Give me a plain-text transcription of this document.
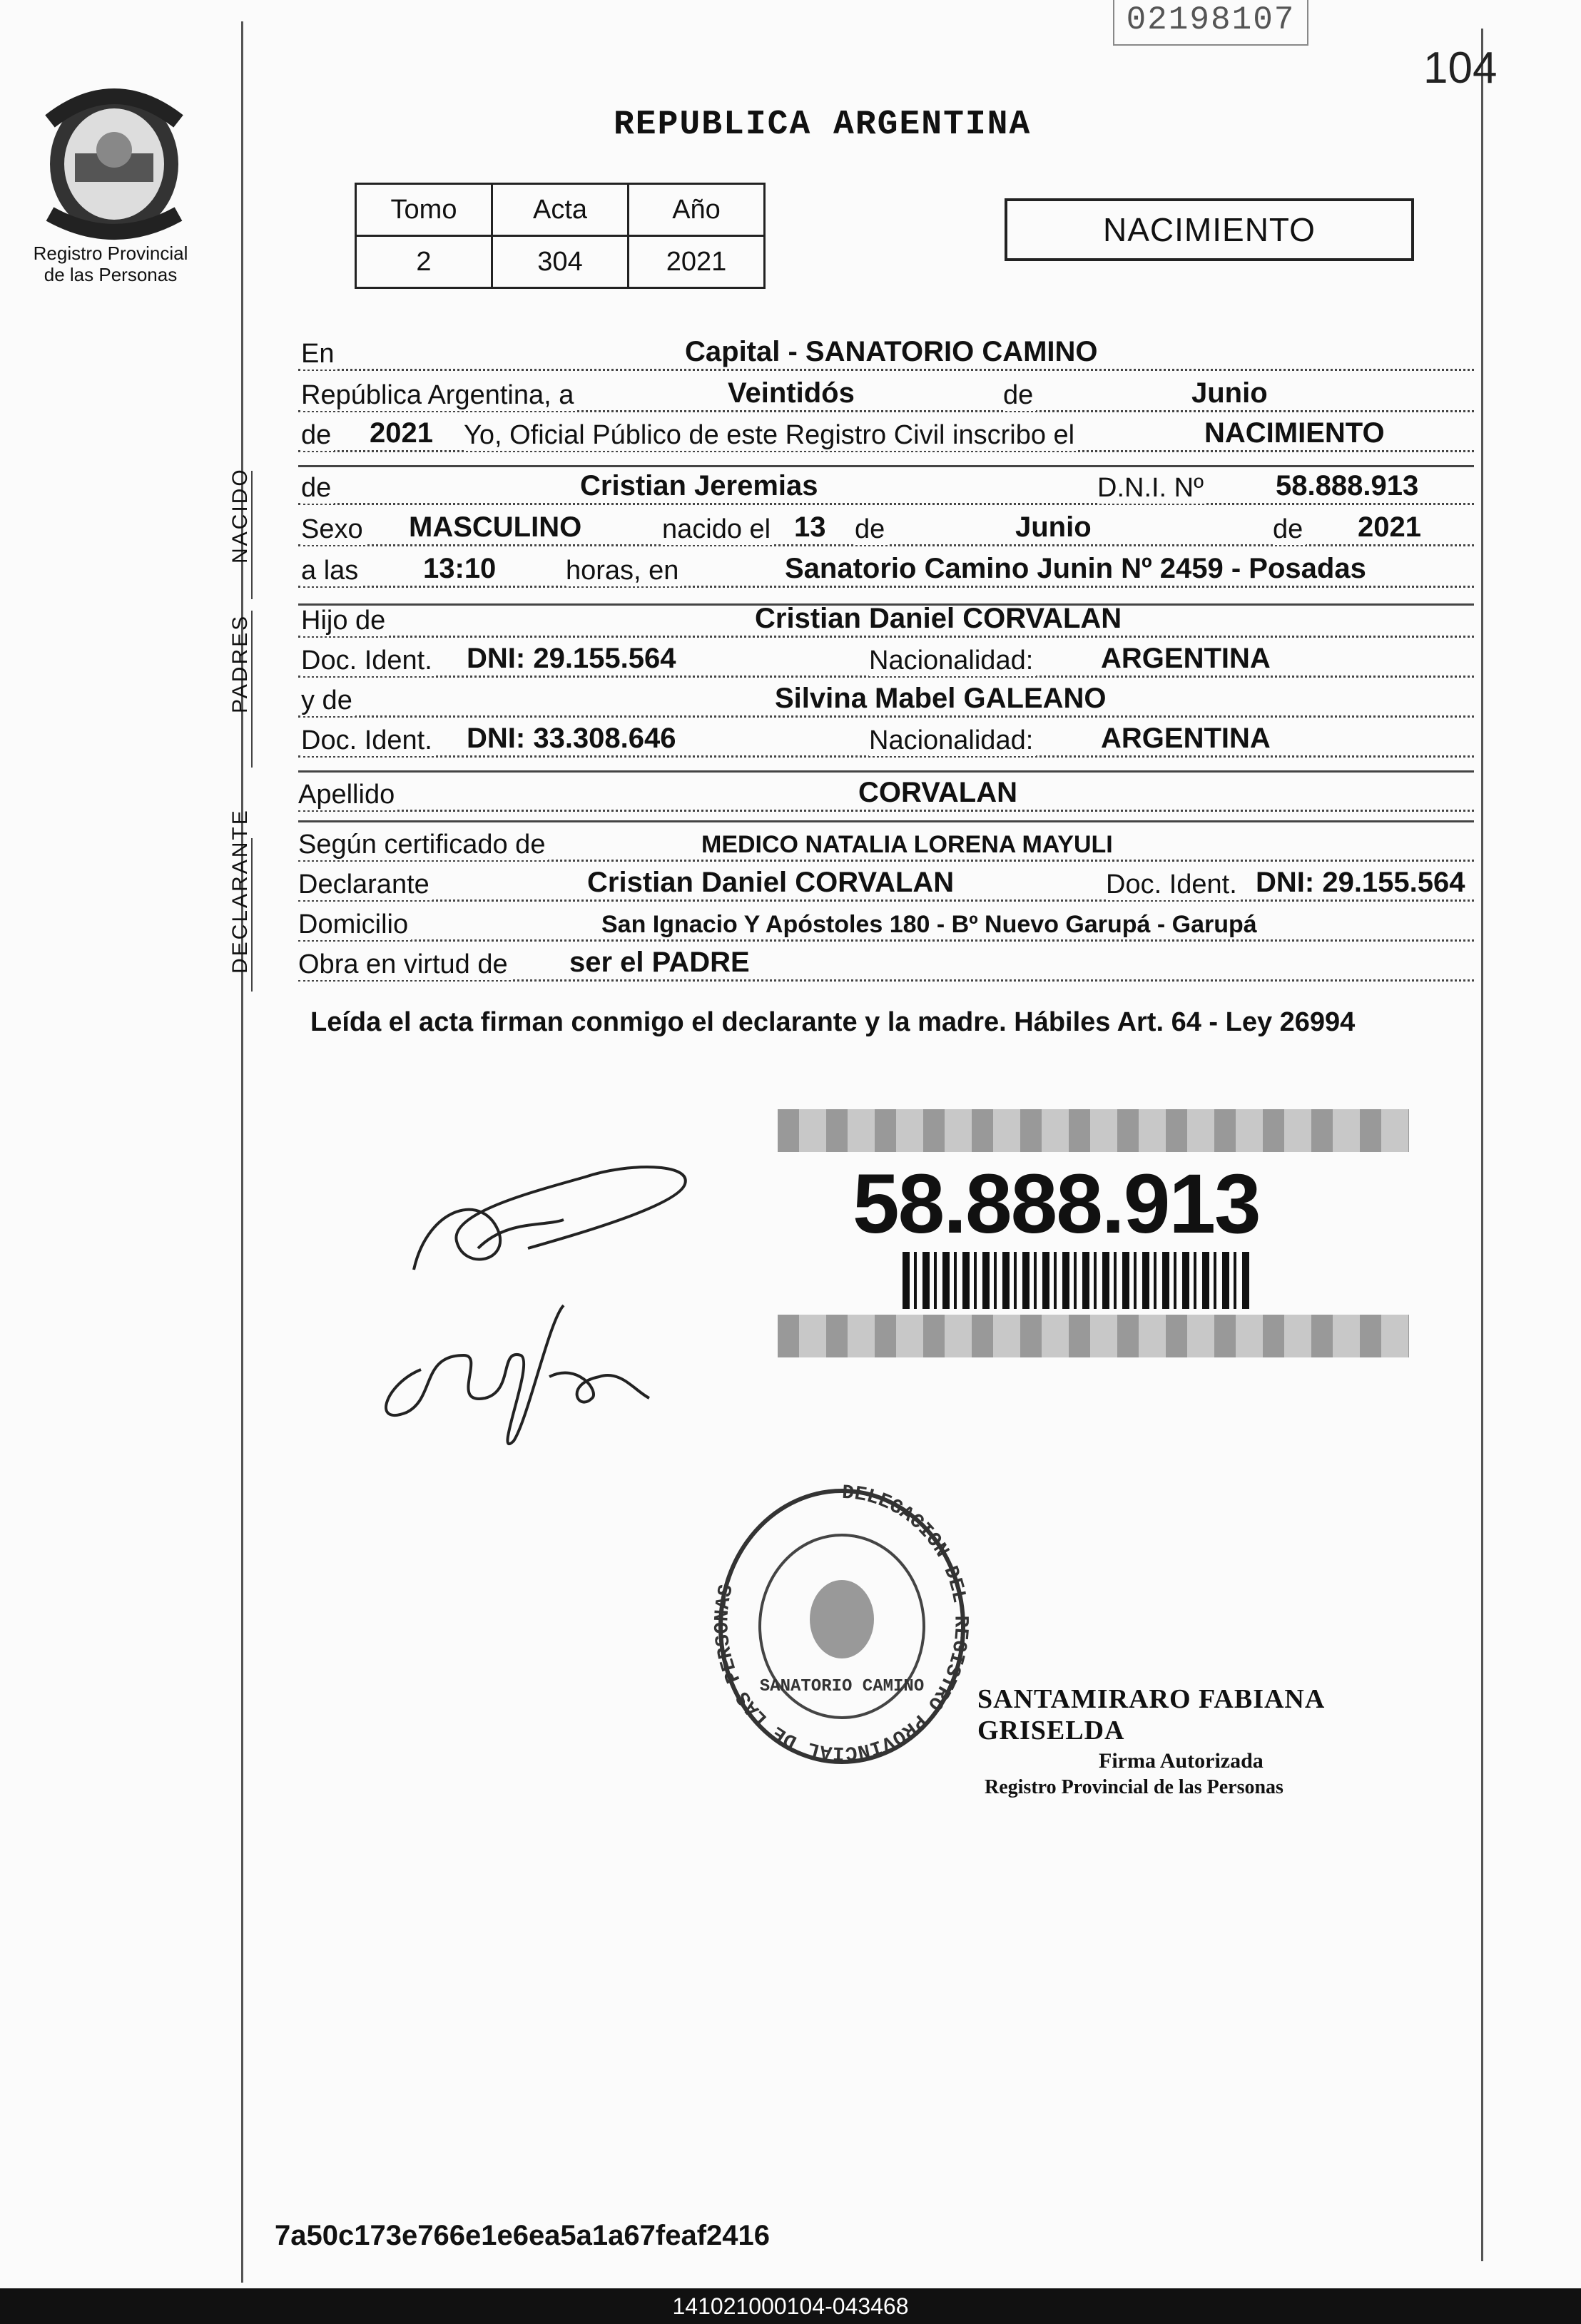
02198107
104
Registro Provincial
de las Personas
REPUBLICA ARGENTINA
Tomo	Acta	Año
2	304	2021
NACIMIENTO
En	Capital - SANATORIO CAMINO
República Argentina, a	Veintidós	de	Junio
de 2021 Yo, Oficial Público de este Registro Civil inscribo el	NACIMIENTO
NACIDO de	Cristian Jeremias	D.N.I. Nº	58.888.913
Sexo MASCULINO	nacido el 13 de	Junio	de 2021
a las 13:10	horas, en	Sanatorio Camino Junin Nº 2459 - Posadas
PADRES Hijo de	Cristian Daniel CORVALAN
Doc. Ident. DNI: 29.155.564	Nacionalidad: ARGENTINA
y de	Silvina Mabel GALEANO
Doc. Ident. DNI: 33.308.646	Nacionalidad: ARGENTINA
Apellido	CORVALAN
DECLARANTE Según certificado de	MEDICO NATALIA LORENA MAYULI
Declarante	Cristian Daniel CORVALAN	Doc. Ident. DNI: 29.155.564
Domicilio	San Ignacio Y Apóstoles 180 - Bº Nuevo Garupá - Garupá
Obra en virtud de ser el PADRE
Leída el acta firman conmigo el declarante y la madre. Hábiles Art. 64 - Ley 26994
58.888.913
DELEGACION DEL REGISTRO PROVINCIAL DE LAS PERSONAS
SANATORIO CAMINO SANTAMIRARO FABIANA GRISELDA
Firma Autorizada
Registro Provincial de las Personas
7a50c173e766e1e6ea5a1a67feaf2416
141021000104-043468
